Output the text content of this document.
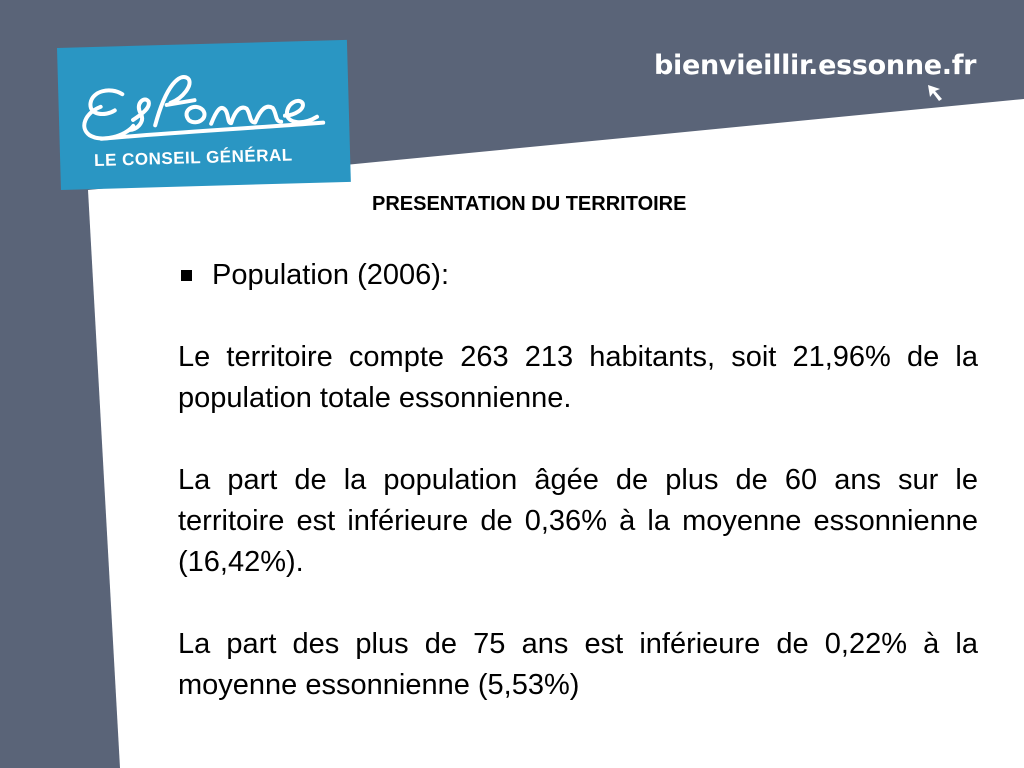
LE CONSEIL GÉNÉRAL
bienvieillir.essonne.fr
PRESENTATION DU TERRITOIRE
Population (2006):

Le territoire compte 263 213 habitants, soit 21,96% de la population totale essonnienne.

La part de la population âgée de plus de 60 ans sur le territoire est inférieure de 0,36% à la moyenne essonnienne (16,42%).

La part des plus de 75 ans est inférieure de 0,22% à la moyenne essonnienne (5,53%)
